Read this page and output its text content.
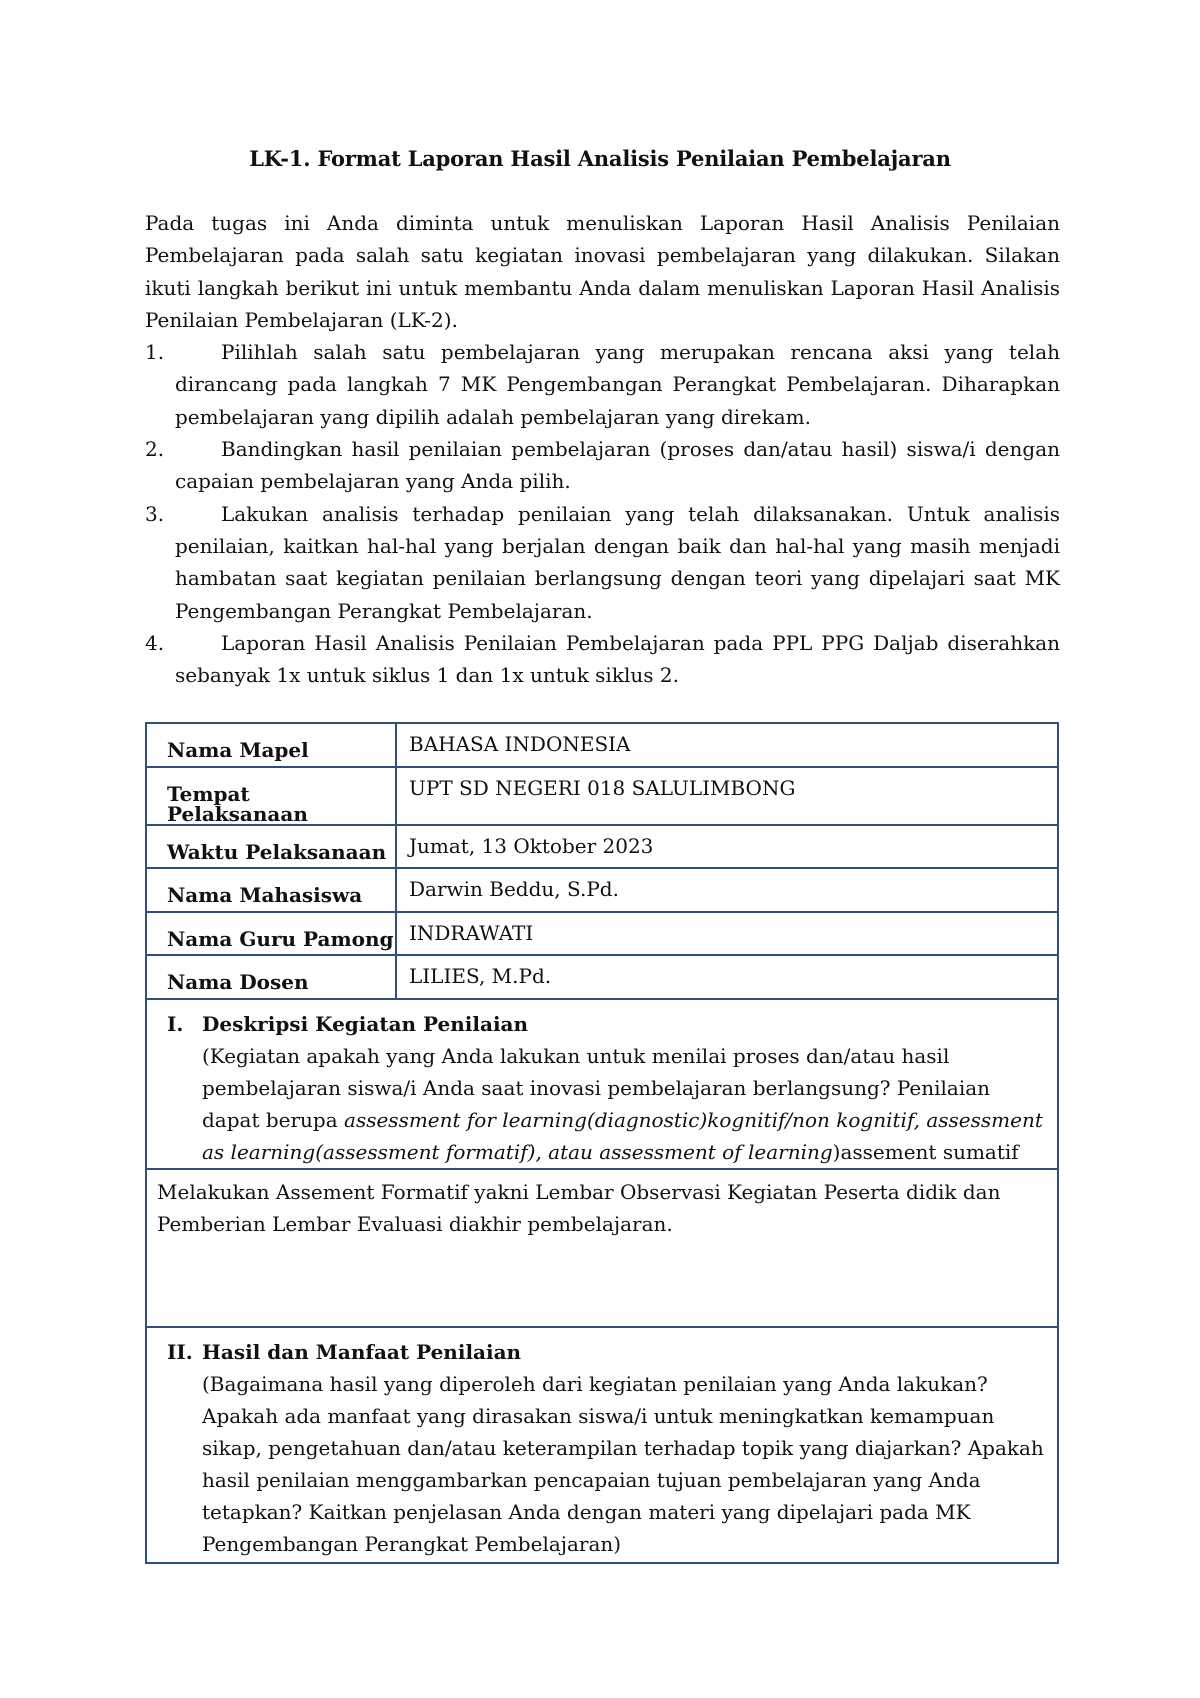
LK-1. Format Laporan Hasil Analisis Penilaian Pembelajaran

Pada tugas ini Anda diminta untuk menuliskan Laporan Hasil Analisis Penilaian Pembelajaran pada salah satu kegiatan inovasi pembelajaran yang dilakukan. Silakan ikuti langkah berikut ini untuk membantu Anda dalam menuliskan Laporan Hasil Analisis Penilaian Pembelajaran (LK-2).

1.	Pilihlah salah satu pembelajaran yang merupakan rencana aksi yang telah dirancang pada langkah 7 MK Pengembangan Perangkat Pembelajaran. Diharapkan pembelajaran yang dipilih adalah pembelajaran yang direkam.
2.	Bandingkan hasil penilaian pembelajaran (proses dan/atau hasil) siswa/i dengan capaian pembelajaran yang Anda pilih.
3.	Lakukan analisis terhadap penilaian yang telah dilaksanakan. Untuk analisis penilaian, kaitkan hal-hal yang berjalan dengan baik dan hal-hal yang masih menjadi hambatan saat kegiatan penilaian berlangsung dengan teori yang dipelajari saat MK Pengembangan Perangkat Pembelajaran.
4.	Laporan Hasil Analisis Penilaian Pembelajaran pada PPL PPG Daljab diserahkan sebanyak 1x untuk siklus 1 dan 1x untuk siklus 2.
Nama Mapel	BAHASA INDONESIA
Tempat Pelaksanaan	UPT SD NEGERI 018 SALULIMBONG
Waktu Pelaksanaan	Jumat, 13 Oktober 2023
Nama Mahasiswa	Darwin Beddu, S.Pd.
Nama Guru Pamong	INDRAWATI
Nama Dosen	LILIES, M.Pd.

I. Deskripsi Kegiatan Penilaian
(Kegiatan apakah yang Anda lakukan untuk menilai proses dan/atau hasil pembelajaran siswa/i Anda saat inovasi pembelajaran berlangsung? Penilaian dapat berupa assessment for learning(diagnostic)kognitif/non kognitif, assessment as learning(assessment formatif), atau assessment of learning)assement sumatif	

Melakukan Assement Formatif yakni Lembar Observasi Kegiatan Peserta didik dan Pemberian Lembar Evaluasi diakhir pembelajaran.	

II. Hasil dan Manfaat Penilaian
(Bagaimana hasil yang diperoleh dari kegiatan penilaian yang Anda lakukan? Apakah ada manfaat yang dirasakan siswa/i untuk meningkatkan kemampuan sikap, pengetahuan dan/atau keterampilan terhadap topik yang diajarkan? Apakah hasil penilaian menggambarkan pencapaian tujuan pembelajaran yang Anda tetapkan? Kaitkan penjelasan Anda dengan materi yang dipelajari pada MK Pengembangan Perangkat Pembelajaran)	
